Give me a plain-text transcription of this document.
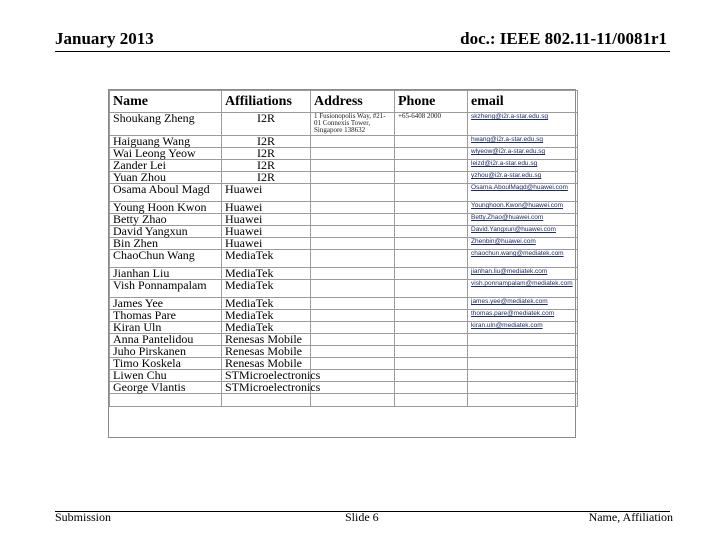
January 2013	doc.: IEEE 802.11-11/0081r1
Name	Affiliations	Address	Phone	email
Shoukang Zheng	I2R	1 Fusionopolis Way, #21-01 Connexis Tower, Singapore 138632	+65-6408 2000	skzheng@i2r.a-star.edu.sg
Haiguang Wang	I2R			hwang@i2r.a-star.edu.sg
Wai Leong Yeow	I2R			wlyeow@i2r.a-star.edu.sg
Zander Lei	I2R			leizd@i2r.a-star.edu.sg
Yuan Zhou	I2R			yzhou@i2r.a-star.edu.sg
Osama Aboul Magd	Huawei			Osama.AboulMagd@huawei.com
Young Hoon Kwon	Huawei			Younghoon.Kwon@huawei.com
Betty Zhao	Huawei			Betty.Zhao@huawei.com
David Yangxun	Huawei			David.Yangxun@huawei.com
Bin Zhen	Huawei			Zhenbin@huawei.com
ChaoChun Wang	MediaTek			chaochun.wang@mediatek.com
Jianhan Liu	MediaTek			jianhan.liu@mediatek.com
Vish Ponnampalam	MediaTek			vish.ponnampalam@mediatek.com
James Yee	MediaTek			james.yee@mediatek.com
Thomas Pare	MediaTek			thomas.pare@mediatek.com
Kiran Uln	MediaTek			kiran.uln@mediatek.com
Anna Pantelidou	Renesas Mobile			
Juho Pirskanen	Renesas Mobile			
Timo Koskela	Renesas Mobile			
Liwen Chu	STMicroelectronics			
George Vlantis	STMicroelectronics			

Submission	Slide 6	Name, Affiliation
